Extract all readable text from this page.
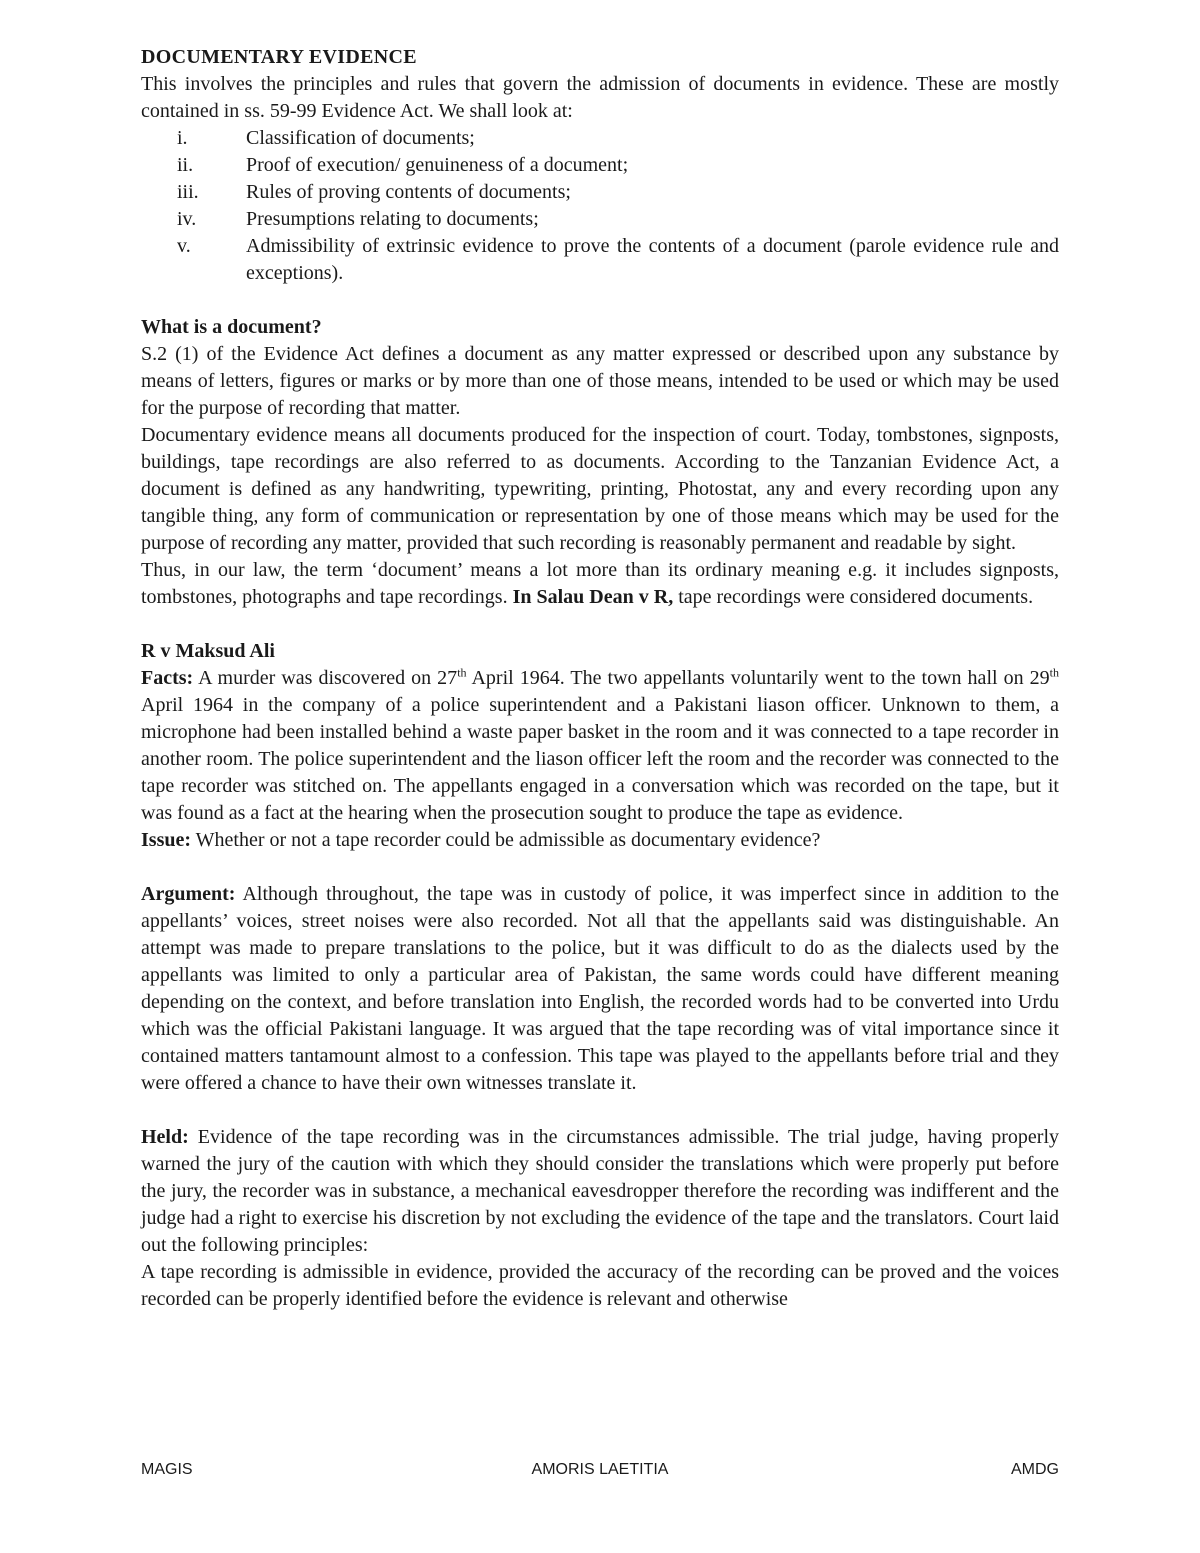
DOCUMENTARY EVIDENCE

This involves the principles and rules that govern the admission of documents in evidence. These are mostly contained in ss. 59-99 Evidence Act. We shall look at:

i.	Classification of documents;
ii.	Proof of execution/ genuineness of a document;
iii.	Rules of proving contents of documents;
iv.	Presumptions relating to documents;
v.	Admissibility of extrinsic evidence to prove the contents of a document (parole evidence rule and exceptions).

What is a document?

S.2 (1) of the Evidence Act defines a document as any matter expressed or described upon any substance by means of letters, figures or marks or by more than one of those means, intended to be used or which may be used for the purpose of recording that matter.

Documentary evidence means all documents produced for the inspection of court. Today, tombstones, signposts, buildings, tape recordings are also referred to as documents. According to the Tanzanian Evidence Act, a document is defined as any handwriting, typewriting, printing, Photostat, any and every recording upon any tangible thing, any form of communication or representation by one of those means which may be used for the purpose of recording any matter, provided that such recording is reasonably permanent and readable by sight.

Thus, in our law, the term ‘document’ means a lot more than its ordinary meaning e.g. it includes signposts, tombstones, photographs and tape recordings. In Salau Dean v R, tape recordings were considered documents.

R v Maksud Ali

Facts: A murder was discovered on 27th April 1964. The two appellants voluntarily went to the town hall on 29th April 1964 in the company of a police superintendent and a Pakistani liason officer. Unknown to them, a microphone had been installed behind a waste paper basket in the room and it was connected to a tape recorder in another room. The police superintendent and the liason officer left the room and the recorder was connected to the tape recorder was stitched on. The appellants engaged in a conversation which was recorded on the tape, but it was found as a fact at the hearing when the prosecution sought to produce the tape as evidence.

Issue: Whether or not a tape recorder could be admissible as documentary evidence?

Argument: Although throughout, the tape was in custody of police, it was imperfect since in addition to the appellants’ voices, street noises were also recorded. Not all that the appellants said was distinguishable. An attempt was made to prepare translations to the police, but it was difficult to do as the dialects used by the appellants was limited to only a particular area of Pakistan, the same words could have different meaning depending on the context, and before translation into English, the recorded words had to be converted into Urdu which was the official Pakistani language. It was argued that the tape recording was of vital importance since it contained matters tantamount almost to a confession. This tape was played to the appellants before trial and they were offered a chance to have their own witnesses translate it.

Held: Evidence of the tape recording was in the circumstances admissible. The trial judge, having properly warned the jury of the caution with which they should consider the translations which were properly put before the jury, the recorder was in substance, a mechanical eavesdropper therefore the recording was indifferent and the judge had a right to exercise his discretion by not excluding the evidence of the tape and the translators. Court laid out the following principles:

A tape recording is admissible in evidence, provided the accuracy of the recording can be proved and the voices recorded can be properly identified before the evidence is relevant and otherwise

MAGIS	AMORIS LAETITIA	AMDG
